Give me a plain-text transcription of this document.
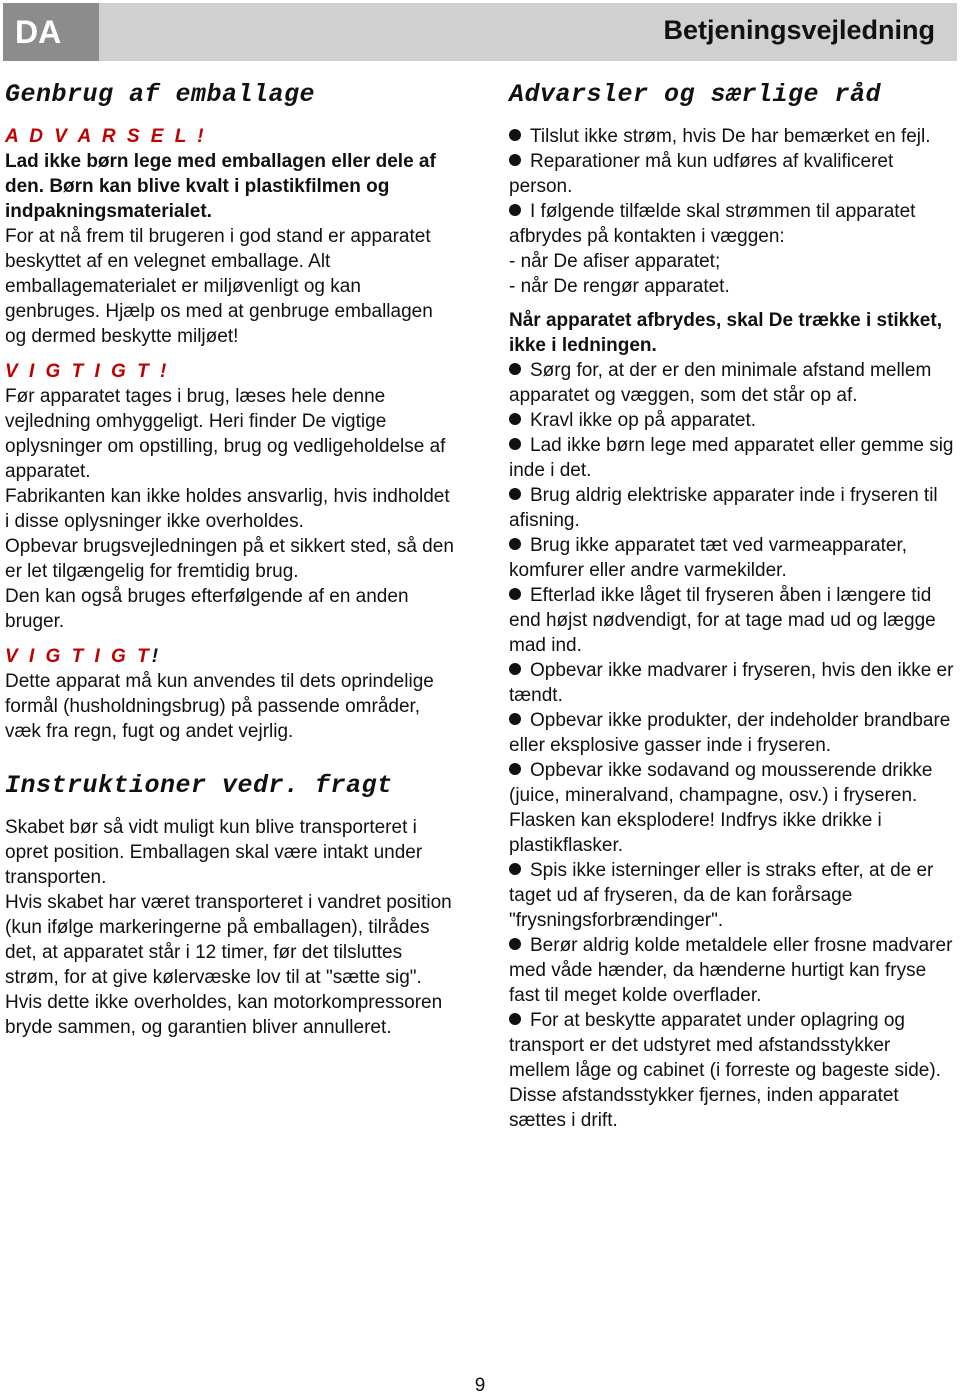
DA	Betjeningsvejledning
Genbrug af emballage
A D V A R S E L !

Lad ikke børn lege med emballagen eller dele af den. Børn kan blive kvalt i plastikfilmen og indpakningsmaterialet.

For at nå frem til brugeren i god stand er apparatet beskyttet af en velegnet emballage. Alt emballagematerialet er miljøvenligt og kan genbruges. Hjælp os med at genbruge emballagen og dermed beskytte miljøet!

V I G T I G T !

Før apparatet tages i brug, læses hele denne vejledning omhyggeligt. Heri finder De vigtige oplysninger om opstilling, brug og vedligeholdelse af apparatet.

Fabrikanten kan ikke holdes ansvarlig, hvis indholdet i disse oplysninger ikke overholdes.

Opbevar brugsvejledningen på et sikkert sted, så den er let tilgængelig for fremtidig brug.

Den kan også bruges efterfølgende af en anden bruger.

V I G T I G T!

Dette apparat må kun anvendes til dets oprindelige formål (husholdningsbrug) på passende områder, væk fra regn, fugt og andet vejrlig.

Instruktioner vedr. fragt

Skabet bør så vidt muligt kun blive transporteret i opret position. Emballagen skal være intakt under transporten.

Hvis skabet har været transporteret i vandret position (kun ifølge markeringerne på emballagen), tilrådes det, at apparatet står i 12 timer, før det tilsluttes strøm, for at give kølervæske lov til at "sætte sig".

Hvis dette ikke overholdes, kan motorkompressoren bryde sammen, og garantien bliver annulleret.

Advarsler og særlige råd

Tilslut ikke strøm, hvis De har bemærket en fejl.

Reparationer må kun udføres af kvalificeret person.

I følgende tilfælde skal strømmen til apparatet afbrydes på kontakten i væggen:

- når De afiser apparatet;

- når De rengør apparatet.

Når apparatet afbrydes, skal De trække i stikket, ikke i ledningen.

Sørg for, at der er den minimale afstand mellem apparatet og væggen, som det står op af.

Kravl ikke op på apparatet.

Lad ikke børn lege med apparatet eller gemme sig inde i det.

Brug aldrig elektriske apparater inde i fryseren til afisning.

Brug ikke apparatet tæt ved varmeapparater, komfurer eller andre varmekilder.

Efterlad ikke låget til fryseren åben i længere tid end højst nødvendigt, for at tage mad ud og lægge mad ind.

Opbevar ikke madvarer i fryseren, hvis den ikke er tændt.

Opbevar ikke produkter, der indeholder brandbare eller eksplosive gasser inde i fryseren.

Opbevar ikke sodavand og mousserende drikke (juice, mineralvand, champagne, osv.) i fryseren. Flasken kan eksplodere! Indfrys ikke drikke i plastikflasker.

Spis ikke isterninger eller is straks efter, at de er taget ud af fryseren, da de kan forårsage "frysningsforbrændinger".

Berør aldrig kolde metaldele eller frosne madvarer med våde hænder, da hænderne hurtigt kan fryse fast til meget kolde overflader.

For at beskytte apparatet under oplagring og transport er det udstyret med afstandsstykker mellem låge og cabinet (i forreste og bageste side). Disse afstandsstykker fjernes, inden apparatet sættes i drift.

9
